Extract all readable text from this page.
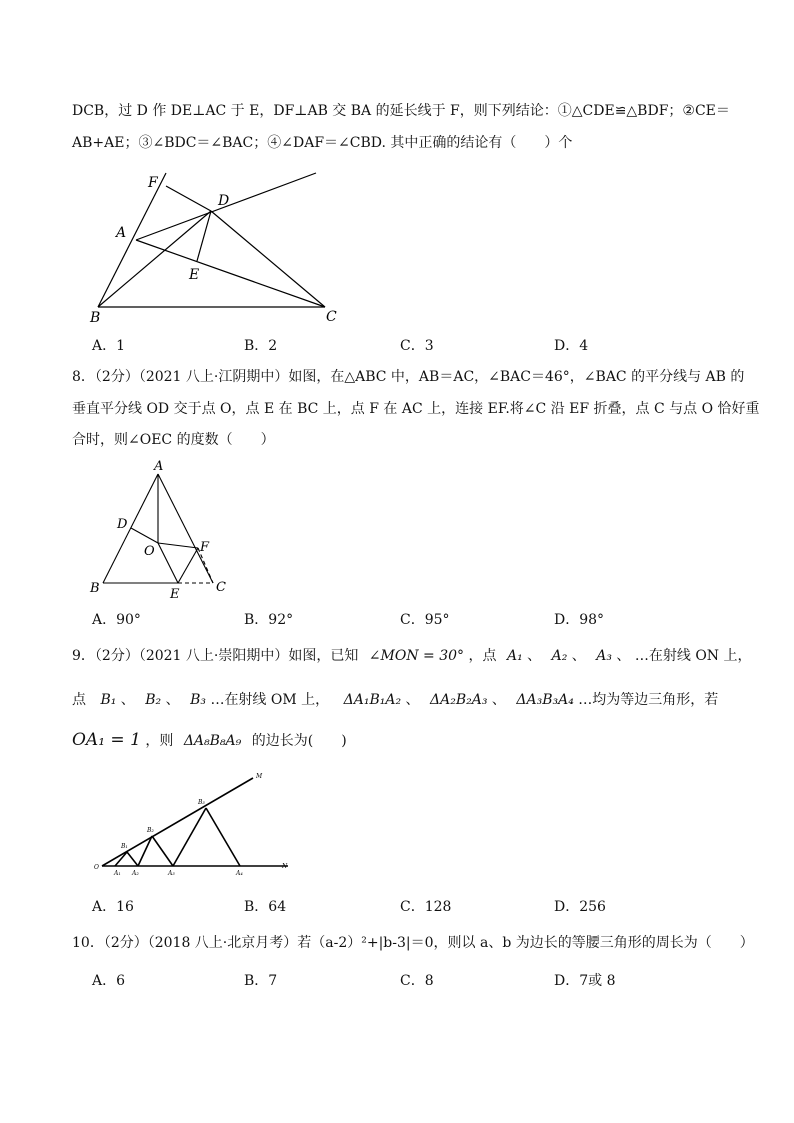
DCB，过 D 作 DE⊥AC 于 E，DF⊥AB 交 BA 的延长线于 F，则下列结论：①△CDE≌△BDF；②CE＝
AB+AE；③∠BDC＝∠BAC；④∠DAF＝∠CBD. 其中正确的结论有（　　）个
F
D
A
E
B	C
A．1	B．2	C．3	D．4
8．（2分）（2021 八上·江阴期中）如图，在△ABC 中，AB＝AC，∠BAC＝46°，∠BAC 的平分线与 AB 的
垂直平分线 OD 交于点 O，点 E 在 BC 上，点 F 在 AC 上，连接 EF.将∠C 沿 EF 折叠，点 C 与点 O 恰好重
合时，则∠OEC 的度数（　　）
A
D
O	F
B	E	C
A．90°	B．92°	C．95°	D．98°
9．（2分）（2021 八上·崇阳期中）如图，已知 ∠MON = 30° ，点 A₁ 、 A₂ 、 A₃ 、 …在射线 ON 上，
点 B₁ 、 B₂ 、 B₃ …在射线 OM 上， ΔA₁B₁A₂ 、 ΔA₂B₂A₃ 、 ΔA₃B₃A₄ …均为等边三角形，若
OA₁ = 1 ，则 ΔA₈B₈A₉ 的边长为(　　)
O
M
N
A₁ A₂	A₃	A₄
B₁
B₂
B₃
A．16	B．64	C．128	D．256
10．（2分）（2018 八上·北京月考）若（a-2）²+|b-3|＝0，则以 a、b 为边长的等腰三角形的周长为（　　）
A．6	B．7	C．8	D．7或 8
